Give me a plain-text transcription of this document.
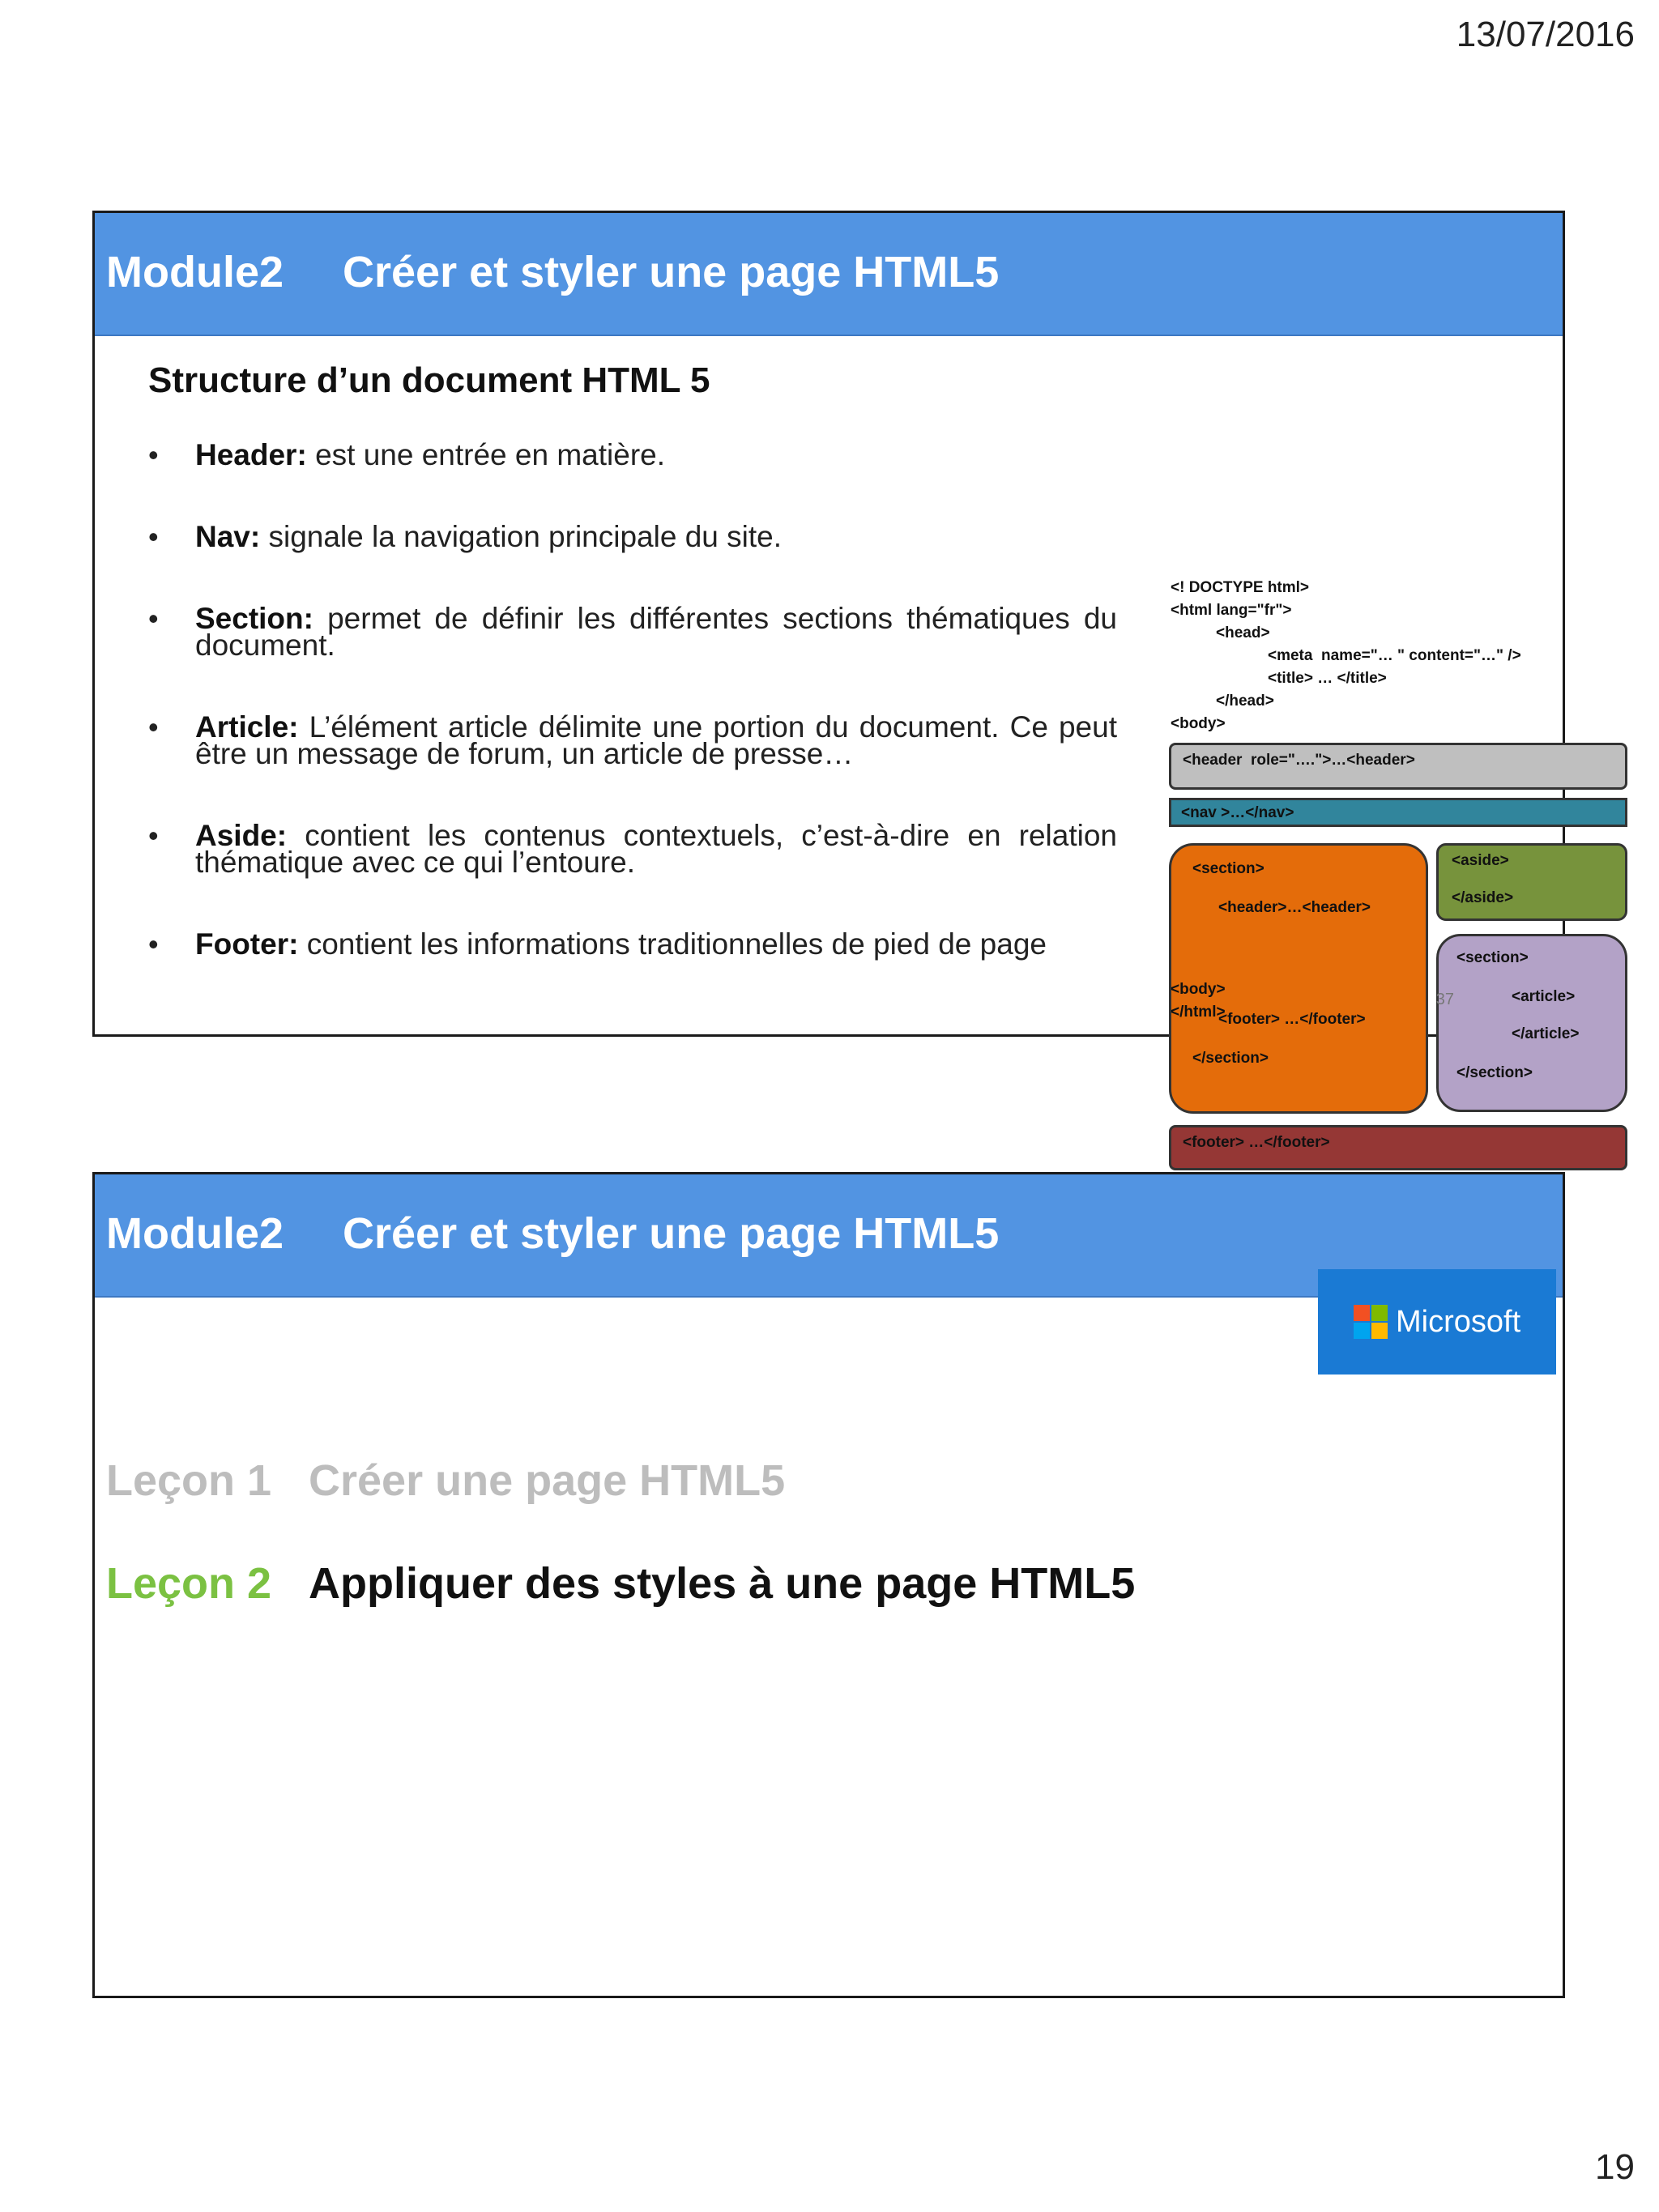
13/07/2016
Module2 Créer et styler une page HTML5
Structure d’un document HTML 5
• Header: est une entrée en matière.
• Nav: signale la navigation principale du site.
• Section: permet de définir les différentes sections thématiques du document.
• Article: L’élément article délimite une portion du document. Ce peut être un message de forum, un article de presse…
• Aside: contient les contenus contextuels, c’est-à-dire en relation thématique avec ce qui l’entoure.
• Footer: contient les informations traditionnelles de pied de page
<! DOCTYPE html>
<html lang="fr">
<head>
<meta  name="… " content="…" />
<title> … </title>
</head>
<body>
<header  role="….">…<header>
<nav >…</nav>
<section>
<header>…<header>
<footer> …</footer>
</section>
<aside>
</aside>
<section>
<article>
</article>
</section>
<footer> …</footer>
<body>
</html>
37
Module2 Créer et styler une page HTML5
Microsoft
Leçon 1 Créer une page HTML5
Leçon 2 Appliquer des styles à une page HTML5
19
